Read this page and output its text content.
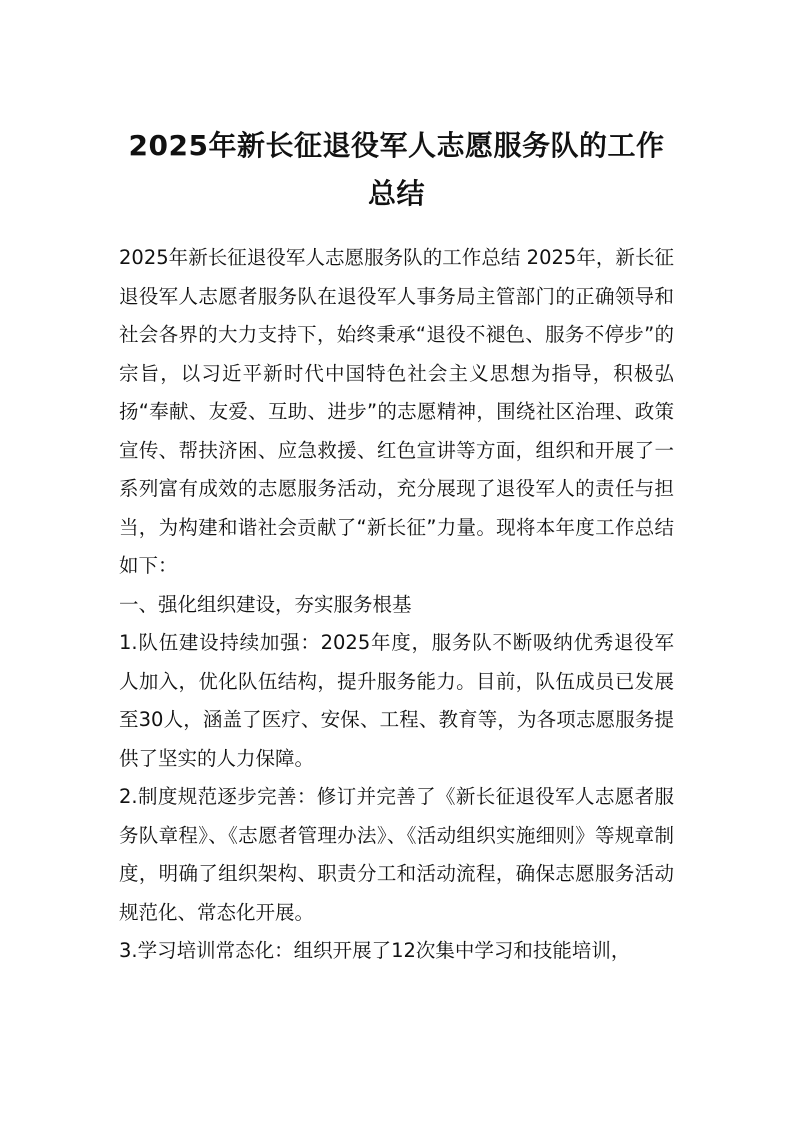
2025年新长征退役军人志愿服务队的工作
总结

2025年新长征退役军人志愿服务队的工作总结 2025年，新长征退役军人志愿者服务队在退役军人事务局主管部门的正确领导和社会各界的大力支持下，始终秉承“退役不褪色、服务不停步”的宗旨，以习近平新时代中国特色社会主义思想为指导，积极弘扬“奉献、友爱、互助、进步”的志愿精神，围绕社区治理、政策宣传、帮扶济困、应急救援、红色宣讲等方面，组织和开展了一系列富有成效的志愿服务活动，充分展现了退役军人的责任与担当，为构建和谐社会贡献了“新长征”力量。现将本年度工作总结如下：

一、强化组织建设，夯实服务根基

1.队伍建设持续加强：2025年度，服务队不断吸纳优秀退役军人加入，优化队伍结构，提升服务能力。目前，队伍成员已发展至30人，涵盖了医疗、安保、工程、教育等，为各项志愿服务提供了坚实的人力保障。

2.制度规范逐步完善：修订并完善了《新长征退役军人志愿者服务队章程》、《志愿者管理办法》、《活动组织实施细则》等规章制度，明确了组织架构、职责分工和活动流程，确保志愿服务活动规范化、常态化开展。

3.学习培训常态化：组织开展了12次集中学习和技能培训，
